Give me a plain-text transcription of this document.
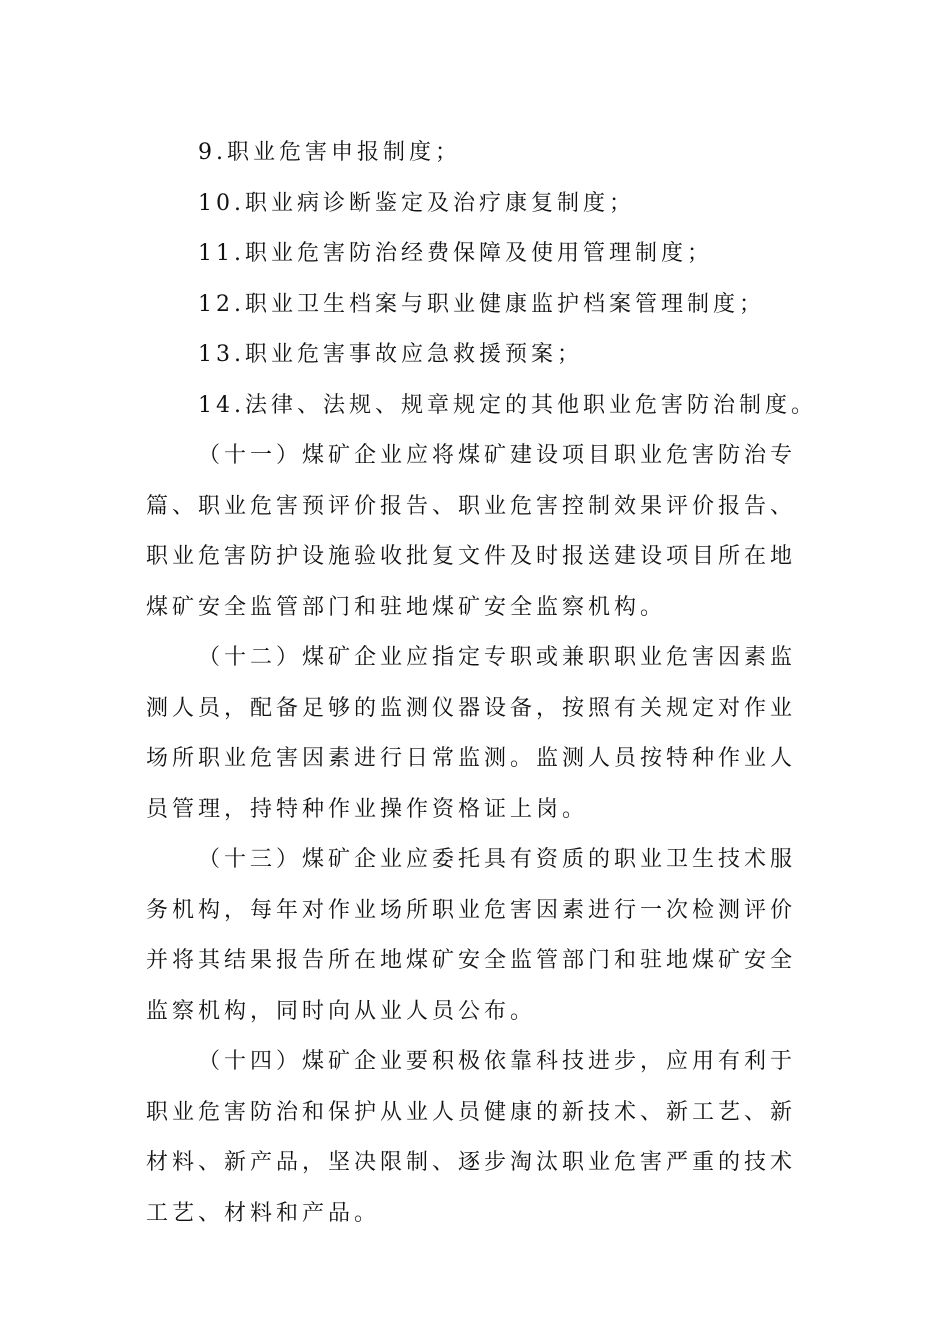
9.职业危害申报制度；
10.职业病诊断鉴定及治疗康复制度；
11.职业危害防治经费保障及使用管理制度；
12.职业卫生档案与职业健康监护档案管理制度；
13.职业危害事故应急救援预案；
14.法律、法规、规章规定的其他职业危害防治制度。
（十一）煤矿企业应将煤矿建设项目职业危害防治专
篇、职业危害预评价报告、职业危害控制效果评价报告、
职业危害防护设施验收批复文件及时报送建设项目所在地
煤矿安全监管部门和驻地煤矿安全监察机构。
（十二）煤矿企业应指定专职或兼职职业危害因素监
测人员，配备足够的监测仪器设备，按照有关规定对作业
场所职业危害因素进行日常监测。监测人员按特种作业人
员管理，持特种作业操作资格证上岗。
（十三）煤矿企业应委托具有资质的职业卫生技术服
务机构，每年对作业场所职业危害因素进行一次检测评价
并将其结果报告所在地煤矿安全监管部门和驻地煤矿安全
监察机构，同时向从业人员公布。
（十四）煤矿企业要积极依靠科技进步，应用有利于
职业危害防治和保护从业人员健康的新技术、新工艺、新
材料、新产品，坚决限制、逐步淘汰职业危害严重的技术
工艺、材料和产品。
